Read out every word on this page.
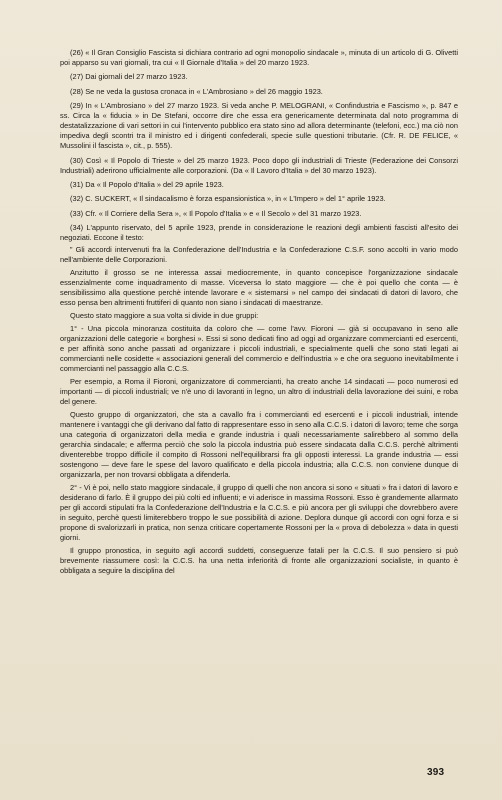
(26) « Il Gran Consiglio Fascista si dichiara contrario ad ogni monopolio sindacale », minuta di un articolo di G. Olivetti poi apparso su vari giornali, tra cui « Il Giornale d'Italia » del 20 marzo 1923.

(27) Dai giornali del 27 marzo 1923.

(28) Se ne veda la gustosa cronaca in « L'Ambrosiano » del 26 maggio 1923.

(29) In « L'Ambrosiano » del 27 marzo 1923. Si veda anche P. MELOGRANI, « Confindustria e Fascismo », p. 847 e ss. Circa la « fiducia » in De Stefani, occorre dire che essa era genericamente determinata dal noto programma di destatalizzazione di vari settori in cui l'intervento pubblico era stato sino ad allora determinante (telefoni, ecc.) ma ciò non impediva degli scontri tra il ministro ed i dirigenti confederali, specie sulle questioni tributarie. (Cfr. R. DE FELICE, « Mussolini il fascista », cit., p. 555).

(30) Così « Il Popolo di Trieste » del 25 marzo 1923. Poco dopo gli industriali di Trieste (Federazione dei Consorzi Industriali) aderirono ufficialmente alle corporazioni. (Da « Il Lavoro d'Italia » del 30 marzo 1923).

(31) Da « Il Popolo d'Italia » del 29 aprile 1923.

(32) C. SUCKERT, « Il sindacalismo è forza espansionistica », in « L'Impero » del 1° aprile 1923.

(33) Cfr. « Il Corriere della Sera », « Il Popolo d'Italia » e « Il Secolo » del 31 marzo 1923.

(34) L'appunto riservato, del 5 aprile 1923, prende in considerazione le reazioni degli ambienti fascisti all'esito dei negoziati. Eccone il testo:

” Gli accordi intervenuti fra la Confederazione dell'Industria e la Confederazione C.S.F. sono accolti in vario modo nell'ambiente delle Corporazioni.

Anzitutto il grosso se ne interessa assai mediocremente, in quanto concepisce l'organizzazione sindacale essenzialmente come inquadramento di masse. Viceversa lo stato maggiore — che è poi quello che conta — è sensibilissimo alla questione perchè intende lavorare e « sistemarsi » nel campo dei sindacati di datori di lavoro, che esso pensa ben altrimenti fruttiferi di quanto non siano i sindacati di maestranze.

Questo stato maggiore a sua volta si divide in due gruppi:

1° - Una piccola minoranza costituita da coloro che — come l'avv. Fioroni — già si occupavano in seno alle organizzazioni delle categorie « borghesi ». Essi si sono dedicati fino ad oggi ad organizzare commercianti ed esercenti, e per affinità sono anche passati ad organizzare i piccoli industriali, e specialmente quelli che sono stati legati ai commercianti nelle cosidette « associazioni generali del commercio e dell'industria » e che ora seguono inevitabilmente i commercianti nel passaggio alla C.C.S.

Per esempio, a Roma il Fioroni, organizzatore di commercianti, ha creato anche 14 sindacati — poco numerosi ed importanti — di piccoli industriali; ve n'è uno di lavoranti in legno, un altro di industriali della lavorazione dei suini, e roba del genere.

Questo gruppo di organizzatori, che sta a cavallo fra i commercianti ed esercenti e i piccoli industriali, intende mantenere i vantaggi che gli derivano dal fatto di rappresentare esso in seno alla C.C.S. i datori di lavoro; teme che sorga una categoria di organizzatori della media e grande industria i quali necessariamente salirebbero al sommo della gerarchia sindacale; e afferma perciò che solo la piccola industria può essere sindacata dalla C.C.S. perchè altrimenti diventerebbe troppo difficile il compito di Rossoni nell'equilibrarsi fra gli opposti interessi. La grande industria — essi sostengono — deve fare le spese del lavoro qualificato e della piccola industria; alla C.C.S. non conviene dunque di organizzarla, per non trovarsi obbligata a difenderla.

2° - Vi è poi, nello stato maggiore sindacale, il gruppo di quelli che non ancora si sono « situati » fra i datori di lavoro e desiderano di farlo. È il gruppo dei più colti ed influenti; e vi aderisce in massima Rossoni. Esso è grandemente allarmato per gli accordi stipulati fra la Confederazione dell'Industria e la C.C.S. e più ancora per gli sviluppi che dovrebbero avere in seguito, perchè questi limiterebbero troppo le sue possibilità di azione. Deplora dunque gli accordi con ogni forza e si propone di svalorizzarli in pratica, non senza criticare copertamente Rossoni per la « prova di debolezza » data in questi giorni.

Il gruppo pronostica, in seguito agli accordi suddetti, conseguenze fatali per la C.C.S. Il suo pensiero si può brevemente riassumere così: la C.C.S. ha una netta inferiorità di fronte alle organizzazioni socialiste, in quanto è obbligata a seguire la disciplina del

393
